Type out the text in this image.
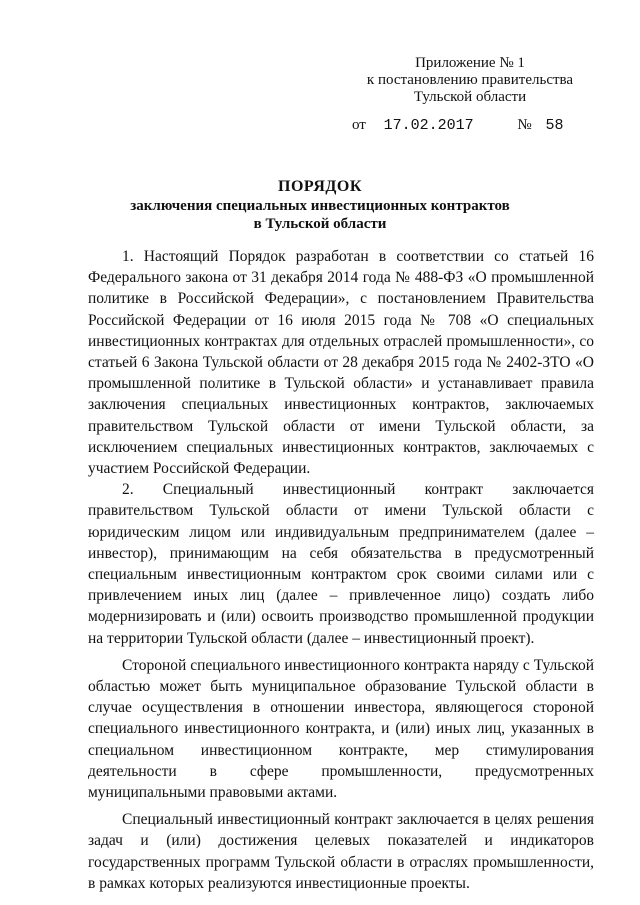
Приложение № 1
к постановлению правительства
Тульской области
от 17.02.2017	№ 58
ПОРЯДОК
заключения специальных инвестиционных контрактов
в Тульской области

1. Настоящий Порядок разработан в соответствии со статьей 16 Федерального закона от 31 декабря 2014 года № 488-ФЗ «О промышленной политике в Российской Федерации», с постановлением Правительства Российской Федерации от 16 июля 2015 года № 708 «О специальных инвестиционных контрактах для отдельных отраслей промышленности», со статьей 6 Закона Тульской области от 28 декабря 2015 года № 2402-ЗТО «О промышленной политике в Тульской области» и устанавливает правила заключения специальных инвестиционных контрактов, заключаемых правительством Тульской области от имени Тульской области, за исключением специальных инвестиционных контрактов, заключаемых с участием Российской Федерации.

2. Специальный инвестиционный контракт заключается правительством Тульской области от имени Тульской области с юридическим лицом или индивидуальным предпринимателем (далее – инвестор), принимающим на себя обязательства в предусмотренный специальным инвестиционным контрактом срок своими силами или с привлечением иных лиц (далее – привлеченное лицо) создать либо модернизировать и (или) освоить производство промышленной продукции на территории Тульской области (далее – инвестиционный проект).

Стороной специального инвестиционного контракта наряду с Тульской областью может быть муниципальное образование Тульской области в случае осуществления в отношении инвестора, являющегося стороной специального инвестиционного контракта, и (или) иных лиц, указанных в специальном инвестиционном контракте, мер стимулирования деятельности в сфере промышленности, предусмотренных муниципальными правовыми актами.

Специальный инвестиционный контракт заключается в целях решения задач и (или) достижения целевых показателей и индикаторов государственных программ Тульской области в отраслях промышленности, в рамках которых реализуются инвестиционные проекты.
